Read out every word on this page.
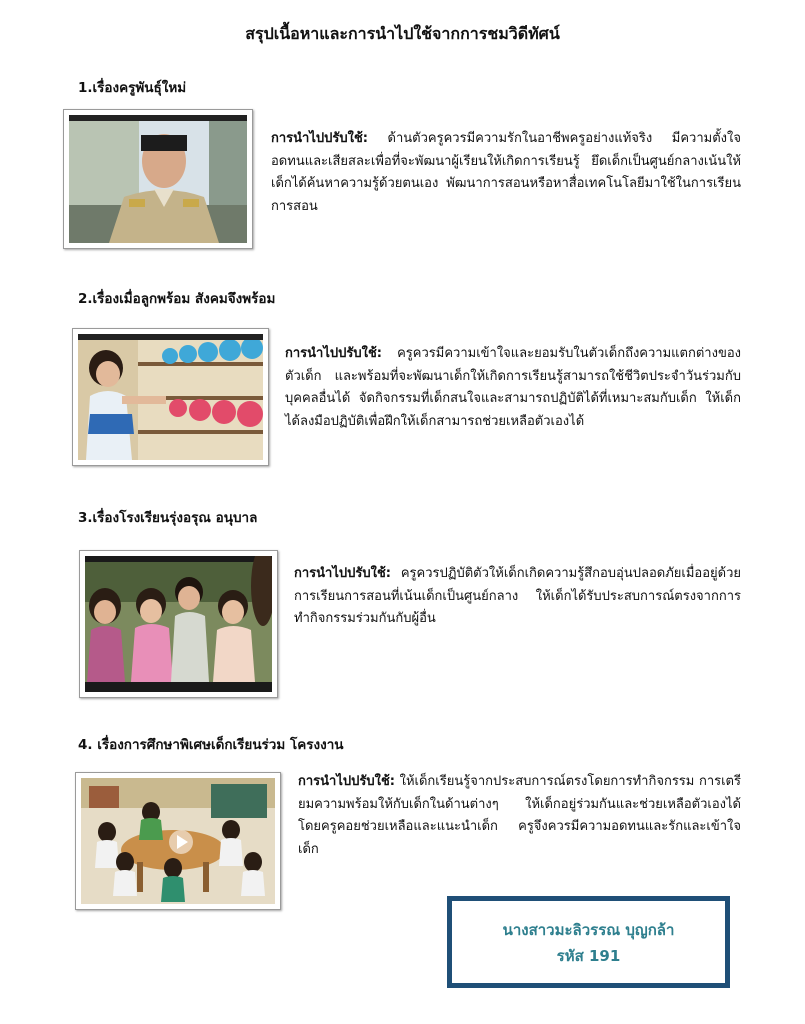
สรุปเนื้อหาและการนำไปใช้จากการชมวิดีทัศน์
1.เรื่องครูพันธุ์ใหม่

การนำไปปรับใช้: ด้านตัวครูควรมีความรักในอาชีพครูอย่างแท้จริง มีความตั้งใจ อดทนและเสียสละเพื่อที่จะพัฒนาผู้เรียนให้เกิดการเรียนรู้ ยึดเด็กเป็นศูนย์กลางเน้นให้เด็กได้ค้นหาความรู้ด้วยตนเอง พัฒนาการสอนหรือหาสื่อเทคโนโลยีมาใช้ในการเรียนการสอน

2.เรื่องเมื่อลูกพร้อม สังคมจึงพร้อม

การนำไปปรับใช้: ครูควรมีความเข้าใจและยอมรับในตัวเด็กถึงความแตกต่างของตัวเด็ก และพร้อมที่จะพัฒนาเด็กให้เกิดการเรียนรู้สามารถใช้ชีวิตประจำวันร่วมกับบุคคลอื่นได้ จัดกิจกรรมที่เด็กสนใจและสามารถปฏิบัติได้ที่เหมาะสมกับเด็ก ให้เด็กได้ลงมือปฏิบัติเพื่อฝึกให้เด็กสามารถช่วยเหลือตัวเองได้

3.เรื่องโรงเรียนรุ่งอรุณ อนุบาล

การนำไปปรับใช้: ครูควรปฏิบัติตัวให้เด็กเกิดความรู้สึกอบอุ่นปลอดภัยเมื่ออยู่ด้วย การเรียนการสอนที่เน้นเด็กเป็นศูนย์กลาง ให้เด็กได้รับประสบการณ์ตรงจากการทำกิจกรรมร่วมกันกับผู้อื่น

4. เรื่องการศึกษาพิเศษเด็กเรียนร่วม โครงงาน

การนำไปปรับใช้: ให้เด็กเรียนรู้จากประสบการณ์ตรงโดยการทำกิจกรรม การเตรียมความพร้อมให้กับเด็กในด้านต่างๆ ให้เด็กอยู่ร่วมกันและช่วยเหลือตัวเองได้โดยครูคอยช่วยเหลือและแนะนำเด็ก ครูจึงควรมีความอดทนและรักและเข้าใจเด็ก

นางสาวมะลิวรรณ บุญกล้า
รหัส 191
